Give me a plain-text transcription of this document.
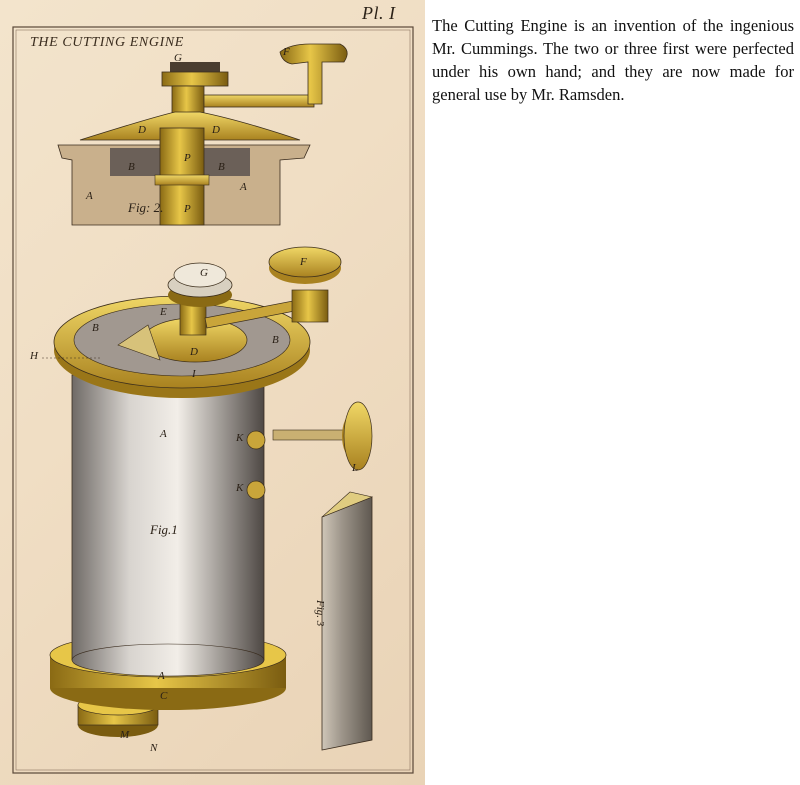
Pl. I
THE CUTTING ENGINE
G	F
D	D
B	B
P
P
A
A
Fig: 2.
G
F
B
B
E
D
I
H
A	K
K
L
Fig.1
A
C
M
N
Fig. 3
The Cutting Engine is an invention of the ingenious Mr. Cummings. The two or three first were perfected under his own hand; and they are now made for general use by Mr. Ramsden.
